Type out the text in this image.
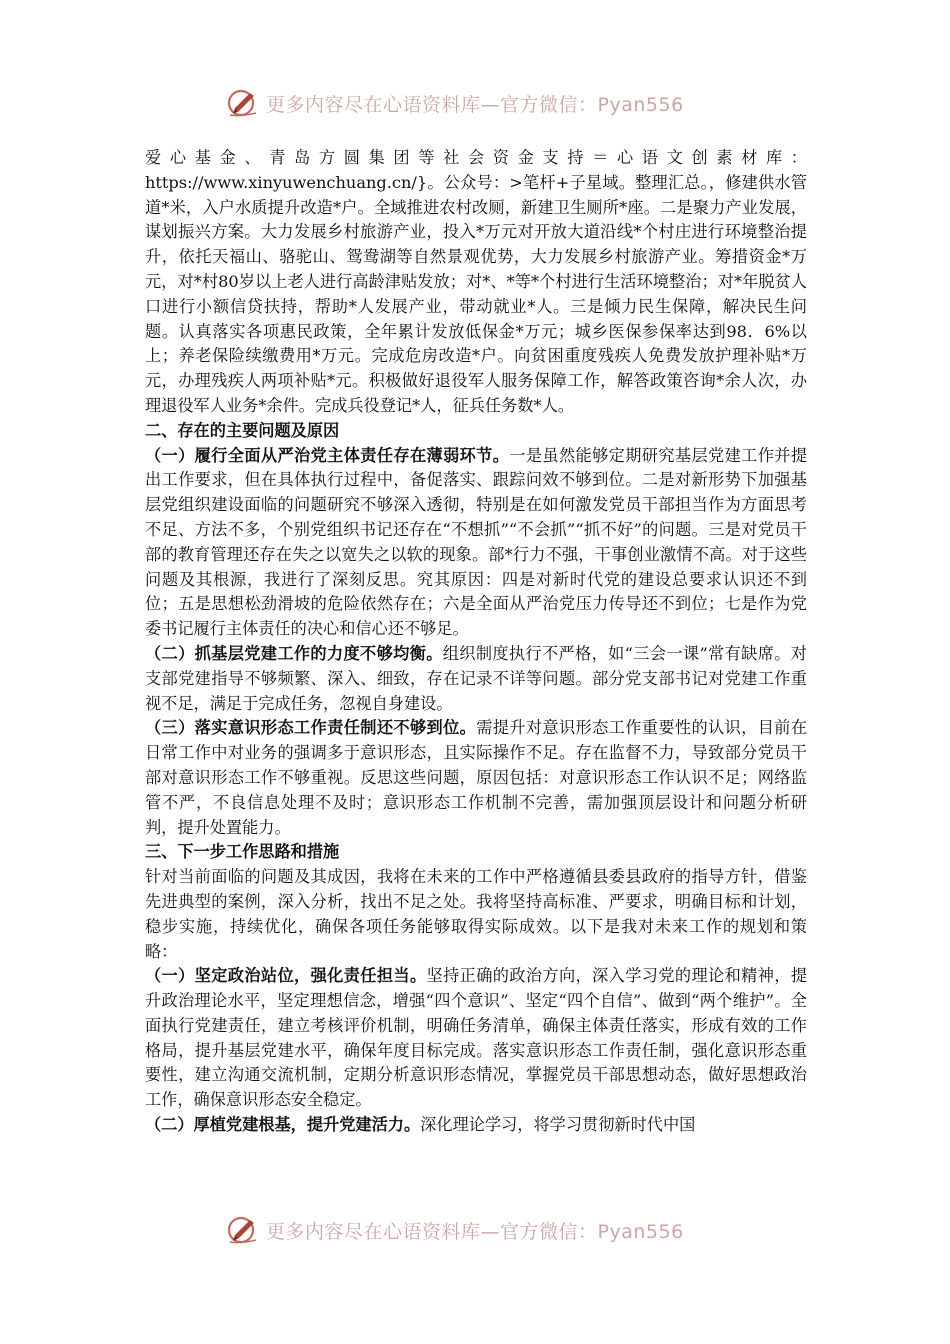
更多内容尽在心语资料库—官方微信：Pyan556

爱心基金、青岛方圆集团等社会资金支持＝心语文创素材库：https://www.xinyuwenchuang.cn/}。公众号：>笔杆+子星域。整理汇总。，修建供水管道*米，入户水质提升改造*户。全域推进农村改厕，新建卫生厕所*座。二是聚力产业发展，谋划振兴方案。大力发展乡村旅游产业，投入*万元对开放大道沿线*个村庄进行环境整治提升，依托天福山、骆驼山、鸳鸯湖等自然景观优势，大力发展乡村旅游产业。筹措资金*万元，对*村80岁以上老人进行高龄津贴发放；对*、*等*个村进行生活环境整治；对*年脱贫人口进行小额信贷扶持，帮助*人发展产业，带动就业*人。三是倾力民生保障，解决民生问题。认真落实各项惠民政策，全年累计发放低保金*万元；城乡医保参保率达到98．6%以上；养老保险续缴费用*万元。完成危房改造*户。向贫困重度残疾人免费发放护理补贴*万元，办理残疾人两项补贴*元。积极做好退役军人服务保障工作，解答政策咨询*余人次，办理退役军人业务*余件。完成兵役登记*人，征兵任务数*人。

二、存在的主要问题及原因

（一）履行全面从严治党主体责任存在薄弱环节。一是虽然能够定期研究基层党建工作并提出工作要求，但在具体执行过程中，备促落实、跟踪问效不够到位。二是对新形势下加强基层党组织建设面临的问题研究不够深入透彻，特别是在如何激发党员干部担当作为方面思考不足、方法不多，个别党组织书记还存在“不想抓”“不会抓”“抓不好”的问题。三是对党员干部的教育管理还存在失之以宽失之以软的现象。部*行力不强，干事创业激情不高。对于这些问题及其根源，我进行了深刻反思。究其原因：四是对新时代党的建设总要求认识还不到位；五是思想松劲滑坡的危险依然存在；六是全面从严治党压力传导还不到位；七是作为党委书记履行主体责任的决心和信心还不够足。

（二）抓基层党建工作的力度不够均衡。组织制度执行不严格，如“三会一课”常有缺席。对支部党建指导不够频繁、深入、细致，存在记录不详等问题。部分党支部书记对党建工作重视不足，满足于完成任务，忽视自身建设。

（三）落实意识形态工作责任制还不够到位。需提升对意识形态工作重要性的认识，目前在日常工作中对业务的强调多于意识形态，且实际操作不足。存在监督不力，导致部分党员干部对意识形态工作不够重视。反思这些问题，原因包括：对意识形态工作认识不足；网络监管不严，不良信息处理不及时；意识形态工作机制不完善，需加强顶层设计和问题分析研判，提升处置能力。

三、下一步工作思路和措施

针对当前面临的问题及其成因，我将在未来的工作中严格遵循县委县政府的指导方针，借鉴先进典型的案例，深入分析，找出不足之处。我将坚持高标准、严要求，明确目标和计划，稳步实施，持续优化，确保各项任务能够取得实际成效。以下是我对未来工作的规划和策略：

（一）坚定政治站位，强化责任担当。坚持正确的政治方向，深入学习党的理论和精神，提升政治理论水平，坚定理想信念，增强“四个意识”、坚定“四个自信”、做到“两个维护”。全面执行党建责任，建立考核评价机制，明确任务清单，确保主体责任落实，形成有效的工作格局，提升基层党建水平，确保年度目标完成。落实意识形态工作责任制，强化意识形态重要性，建立沟通交流机制，定期分析意识形态情况，掌握党员干部思想动态，做好思想政治工作，确保意识形态安全稳定。

（二）厚植党建根基，提升党建活力。深化理论学习，将学习贯彻新时代中国

更多内容尽在心语资料库—官方微信：Pyan556
